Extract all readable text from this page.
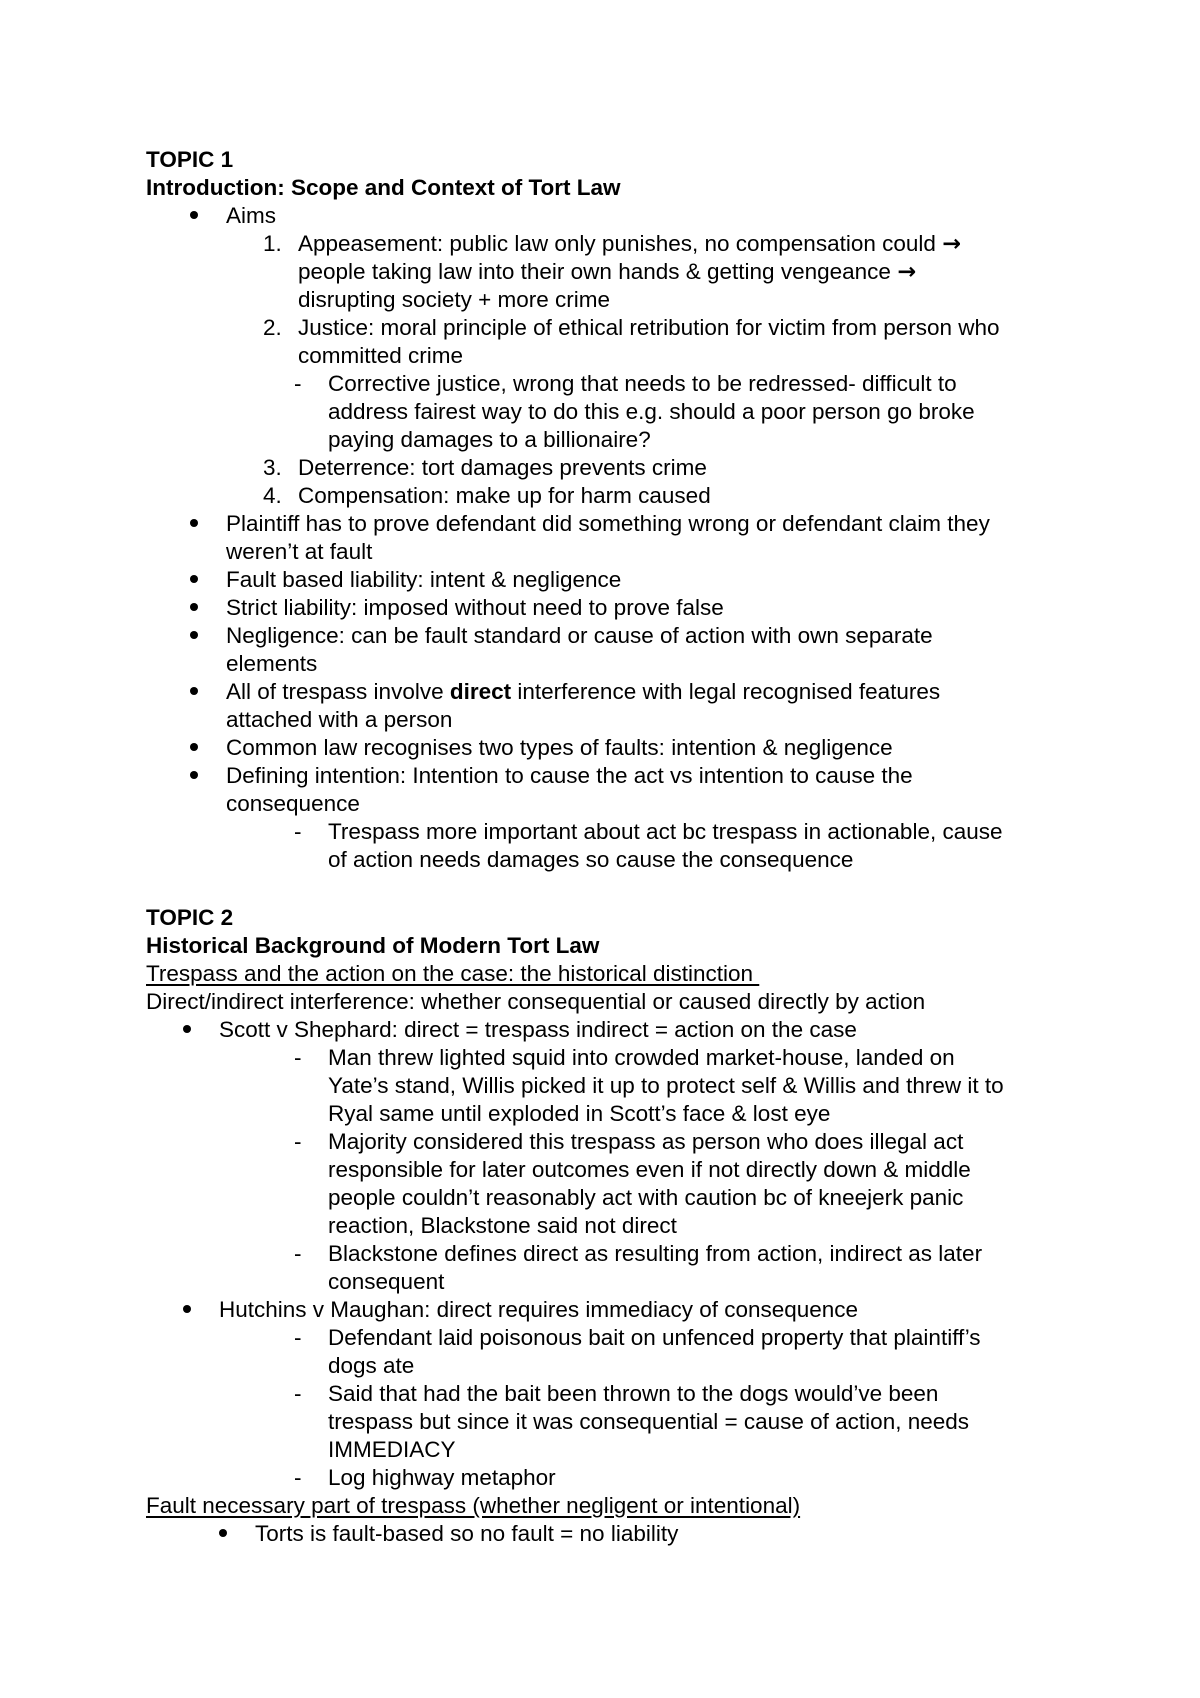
TOPIC 1
Introduction: Scope and Context of Tort Law
Aims
1. Appeasement: public law only punishes, no compensation could →
people taking law into their own hands & getting vengeance →
disrupting society + more crime
2. Justice: moral principle of ethical retribution for victim from person who
committed crime
- Corrective justice, wrong that needs to be redressed- difficult to
address fairest way to do this e.g. should a poor person go broke
paying damages to a billionaire?
3. Deterrence: tort damages prevents crime
4. Compensation: make up for harm caused
Plaintiff has to prove defendant did something wrong or defendant claim they
weren’t at fault
Fault based liability: intent & negligence
Strict liability: imposed without need to prove false
Negligence: can be fault standard or cause of action with own separate
elements
All of trespass involve direct interference with legal recognised features
attached with a person
Common law recognises two types of faults: intention & negligence
Defining intention: Intention to cause the act vs intention to cause the
consequence
- Trespass more important about act bc trespass in actionable, cause
of action needs damages so cause the consequence
TOPIC 2
Historical Background of Modern Tort Law
Trespass and the action on the case: the historical distinction
Direct/indirect interference: whether consequential or caused directly by action
Scott v Shephard: direct = trespass indirect = action on the case
- Man threw lighted squid into crowded market-house, landed on
Yate’s stand, Willis picked it up to protect self & Willis and threw it to
Ryal same until exploded in Scott’s face & lost eye
- Majority considered this trespass as person who does illegal act
responsible for later outcomes even if not directly down & middle
people couldn’t reasonably act with caution bc of kneejerk panic
reaction, Blackstone said not direct
- Blackstone defines direct as resulting from action, indirect as later
consequent
Hutchins v Maughan: direct requires immediacy of consequence
- Defendant laid poisonous bait on unfenced property that plaintiff’s
dogs ate
- Said that had the bait been thrown to the dogs would’ve been
trespass but since it was consequential = cause of action, needs
IMMEDIACY
- Log highway metaphor
Fault necessary part of trespass (whether negligent or intentional)
Torts is fault-based so no fault = no liability
